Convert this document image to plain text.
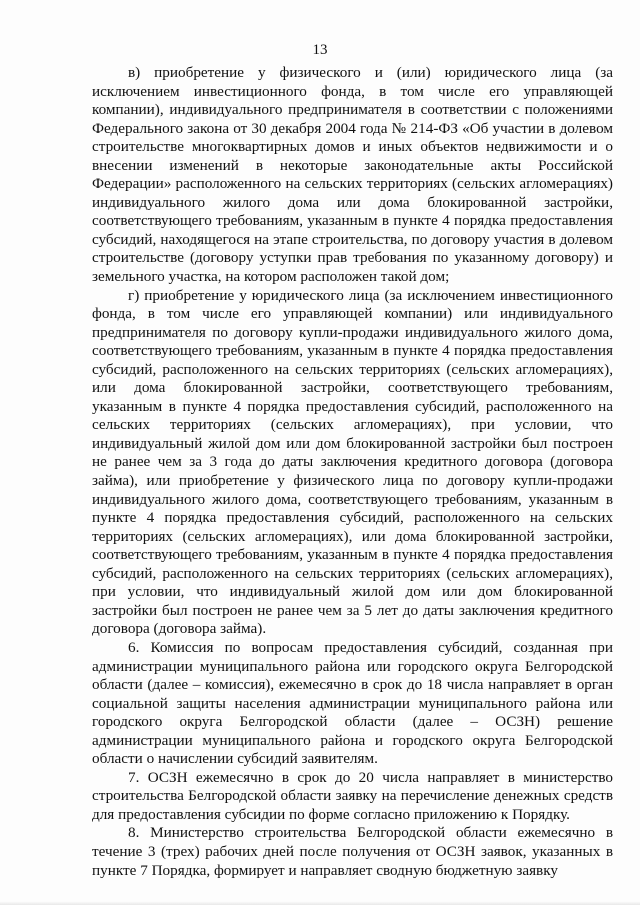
13

в) приобретение у физического и (или) юридического лица (за исключением инвестиционного фонда, в том числе его управляющей компании), индивидуального предпринимателя в соответствии с положениями Федерального закона от 30 декабря 2004 года № 214-ФЗ «Об участии в долевом строительстве многоквартирных домов и иных объектов недвижимости и о внесении изменений в некоторые законодательные акты Российской Федерации» расположенного на сельских территориях (сельских агломерациях) индивидуального жилого дома или дома блокированной застройки, соответствующего требованиям, указанным в пункте 4 порядка предоставления субсидий, находящегося на этапе строительства, по договору участия в долевом строительстве (договору уступки прав требования по указанному договору) и земельного участка, на котором расположен такой дом;

г) приобретение у юридического лица (за исключением инвестиционного фонда, в том числе его управляющей компании) или индивидуального предпринимателя по договору купли-продажи индивидуального жилого дома, соответствующего требованиям, указанным в пункте 4 порядка предоставления субсидий, расположенного на сельских территориях (сельских агломерациях), или дома блокированной застройки, соответствующего требованиям, указанным в пункте 4 порядка предоставления субсидий, расположенного на сельских территориях (сельских агломерациях), при условии, что индивидуальный жилой дом или дом блокированной застройки был построен не ранее чем за 3 года до даты заключения кредитного договора (договора займа), или приобретение у физического лица по договору купли-продажи индивидуального жилого дома, соответствующего требованиям, указанным в пункте 4 порядка предоставления субсидий, расположенного на сельских территориях (сельских агломерациях), или дома блокированной застройки, соответствующего требованиям, указанным в пункте 4 порядка предоставления субсидий, расположенного на сельских территориях (сельских агломерациях), при условии, что индивидуальный жилой дом или дом блокированной застройки был построен не ранее чем за 5 лет до даты заключения кредитного договора (договора займа).

6. Комиссия по вопросам предоставления субсидий, созданная при администрации муниципального района или городского округа Белгородской области (далее – комиссия), ежемесячно в срок до 18 числа направляет в орган социальной защиты населения администрации муниципального района или городского округа Белгородской области (далее – ОСЗН) решение администрации муниципального района и городского округа Белгородской области о начислении субсидий заявителям.

7. ОСЗН ежемесячно в срок до 20 числа направляет в министерство строительства Белгородской области заявку на перечисление денежных средств для предоставления субсидии по форме согласно приложению к Порядку.

8. Министерство строительства Белгородской области ежемесячно в течение 3 (трех) рабочих дней после получения от ОСЗН заявок, указанных в пункте 7 Порядка, формирует и направляет сводную бюджетную заявку
